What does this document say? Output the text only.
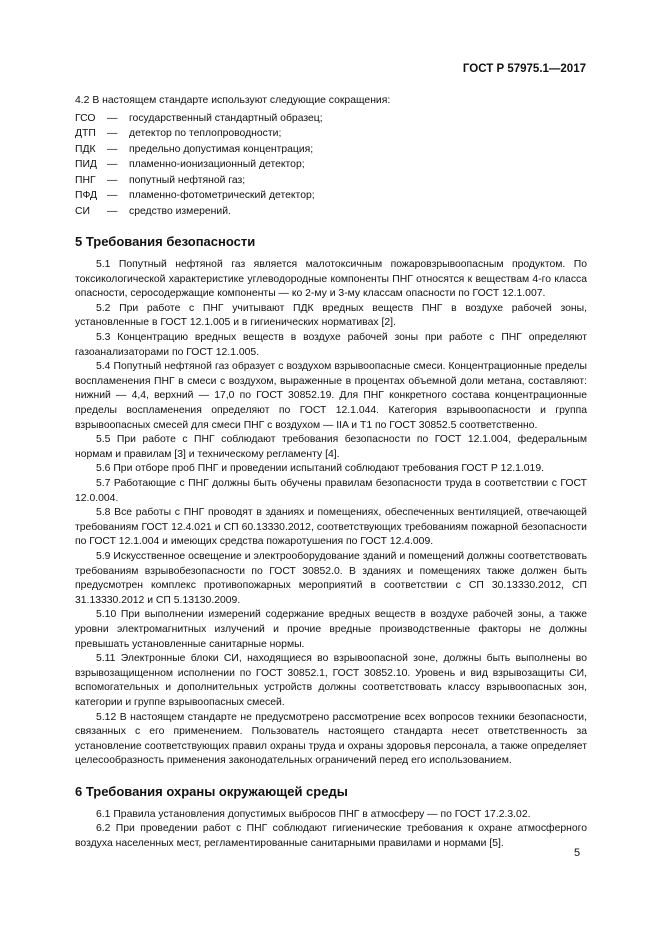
ГОСТ Р 57975.1—2017

4.2 В настоящем стандарте используют следующие сокращения:

ГСО	—	государственный стандартный образец;
ДТП	—	детектор по теплопроводности;
ПДК	—	предельно допустимая концентрация;
ПИД —	пламенно-ионизационный детектор;
ПНГ	—	попутный нефтяной газ;
ПФД —	пламенно-фотометрический детектор;
СИ	—	средство измерений.
5 Требования безопасности

5.1 Попутный нефтяной газ является малотоксичным пожаровзрывоопасным продуктом. По токсикологической характеристике углеводородные компоненты ПНГ относятся к веществам 4-го класса опасности, серосодержащие компоненты — ко 2-му и 3-му классам опасности по ГОСТ 12.1.007.

5.2 При работе с ПНГ учитывают ПДК вредных веществ ПНГ в воздухе рабочей зоны, установленные в ГОСТ 12.1.005 и в гигиенических нормативах [2].

5.3 Концентрацию вредных веществ в воздухе рабочей зоны при работе с ПНГ определяют газоанализаторами по ГОСТ 12.1.005.

5.4 Попутный нефтяной газ образует с воздухом взрывоопасные смеси. Концентрационные пределы воспламенения ПНГ в смеси с воздухом, выраженные в процентах объемной доли метана, составляют: нижний — 4,4, верхний — 17,0 по ГОСТ 30852.19. Для ПНГ конкретного состава концентрационные пределы воспламенения определяют по ГОСТ 12.1.044. Категория взрывоопасности и группа взрывоопасных смесей для смеси ПНГ с воздухом — IIA и T1 по ГОСТ 30852.5 соответственно.

5.5 При работе с ПНГ соблюдают требования безопасности по ГОСТ 12.1.004, федеральным нормам и правилам [3] и техническому регламенту [4].

5.6 При отборе проб ПНГ и проведении испытаний соблюдают требования ГОСТ Р 12.1.019.

5.7 Работающие с ПНГ должны быть обучены правилам безопасности труда в соответствии с ГОСТ 12.0.004.

5.8 Все работы с ПНГ проводят в зданиях и помещениях, обеспеченных вентиляцией, отвечающей требованиям ГОСТ 12.4.021 и СП 60.13330.2012, соответствующих требованиям пожарной безопасности по ГОСТ 12.1.004 и имеющих средства пожаротушения по ГОСТ 12.4.009.

5.9 Искусственное освещение и электрооборудование зданий и помещений должны соответствовать требованиям взрывобезопасности по ГОСТ 30852.0. В зданиях и помещениях также должен быть предусмотрен комплекс противопожарных мероприятий в соответствии с СП 30.13330.2012, СП 31.13330.2012 и СП 5.13130.2009.

5.10 При выполнении измерений содержание вредных веществ в воздухе рабочей зоны, а также уровни электромагнитных излучений и прочие вредные производственные факторы не должны превышать установленные санитарные нормы.

5.11 Электронные блоки СИ, находящиеся во взрывоопасной зоне, должны быть выполнены во взрывозащищенном исполнении по ГОСТ 30852.1, ГОСТ 30852.10. Уровень и вид взрывозащиты СИ, вспомогательных и дополнительных устройств должны соответствовать классу взрывоопасных зон, категории и группе взрывоопасных смесей.

5.12 В настоящем стандарте не предусмотрено рассмотрение всех вопросов техники безопасности, связанных с его применением. Пользователь настоящего стандарта несет ответственность за установление соответствующих правил охраны труда и охраны здоровья персонала, а также определяет целесообразность применения законодательных ограничений перед его использованием.

6 Требования охраны окружающей среды

6.1 Правила установления допустимых выбросов ПНГ в атмосферу — по ГОСТ 17.2.3.02.

6.2 При проведении работ с ПНГ соблюдают гигиенические требования к охране атмосферного воздуха населенных мест, регламентированные санитарными правилами и нормами [5].

5
